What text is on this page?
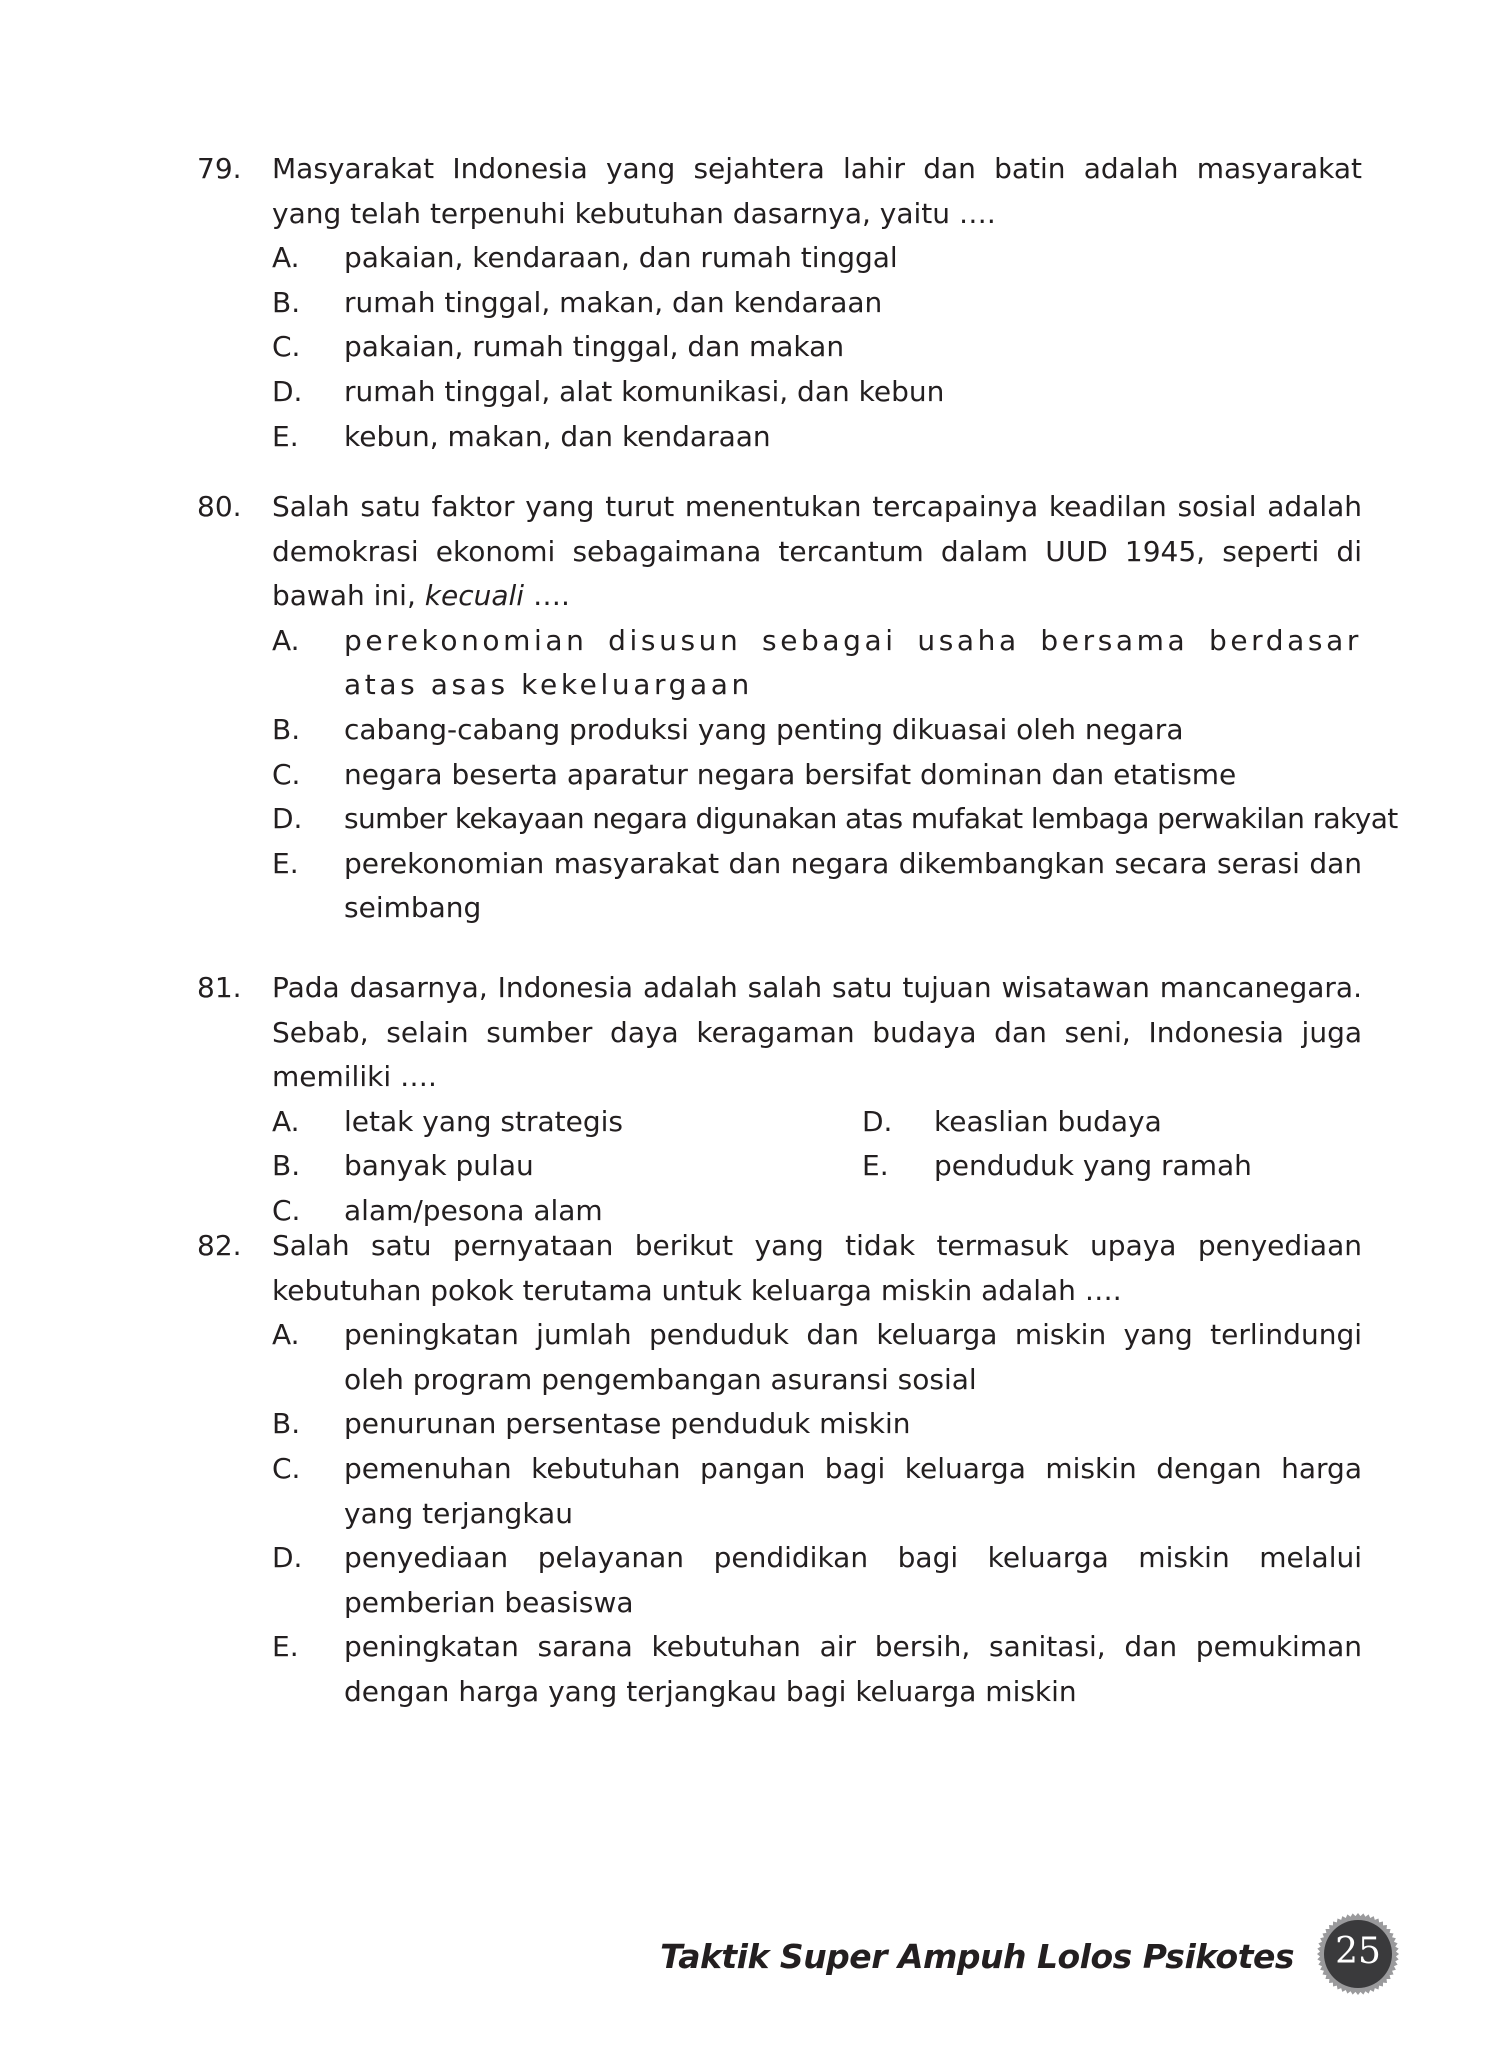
79.	Masyarakat Indonesia yang sejahtera lahir dan batin adalah masyarakat yang telah terpenuhi kebutuhan dasarnya, yaitu ….
A.	pakaian, kendaraan, dan rumah tinggal
B.	rumah tinggal, makan, dan kendaraan
C.	pakaian, rumah tinggal, dan makan
D.	rumah tinggal, alat komunikasi, dan kebun
E.	kebun, makan, dan kendaraan
80.	Salah satu faktor yang turut menentukan tercapainya keadilan sosial adalah demokrasi ekonomi sebagaimana tercantum dalam UUD 1945, seperti di bawah ini, kecuali ….
A.	perekonomian disusun sebagai usaha bersama berdasar atas asas kekeluargaan
B.	cabang-cabang produksi yang penting dikuasai oleh negara
C.	negara beserta aparatur negara bersifat dominan dan etatisme
D.	sumber kekayaan negara digunakan atas mufakat lembaga perwakilan rakyat
E.	perekonomian masyarakat dan negara dikembangkan secara serasi dan seimbang
81.	Pada dasarnya, Indonesia adalah salah satu tujuan wisatawan mancanegara. Sebab, selain sumber daya keragaman budaya dan seni, Indonesia juga memiliki ….
A.	letak yang strategis	D.	keaslian budaya
B.	banyak pulau	E.	penduduk yang ramah
C.	alam/pesona alam
82.	Salah satu pernyataan berikut yang tidak termasuk upaya penyediaan kebutuhan pokok terutama untuk keluarga miskin adalah ….
A.	peningkatan jumlah penduduk dan keluarga miskin yang terlindungi oleh program pengembangan asuransi sosial
B.	penurunan persentase penduduk miskin
C.	pemenuhan kebutuhan pangan bagi keluarga miskin dengan harga yang terjangkau
D.	penyediaan pelayanan pendidikan bagi keluarga miskin melalui pemberian beasiswa
E.	peningkatan sarana kebutuhan air bersih, sanitasi, dan pemukiman dengan harga yang terjangkau bagi keluarga miskin
Taktik Super Ampuh Lolos Psikotes	25
